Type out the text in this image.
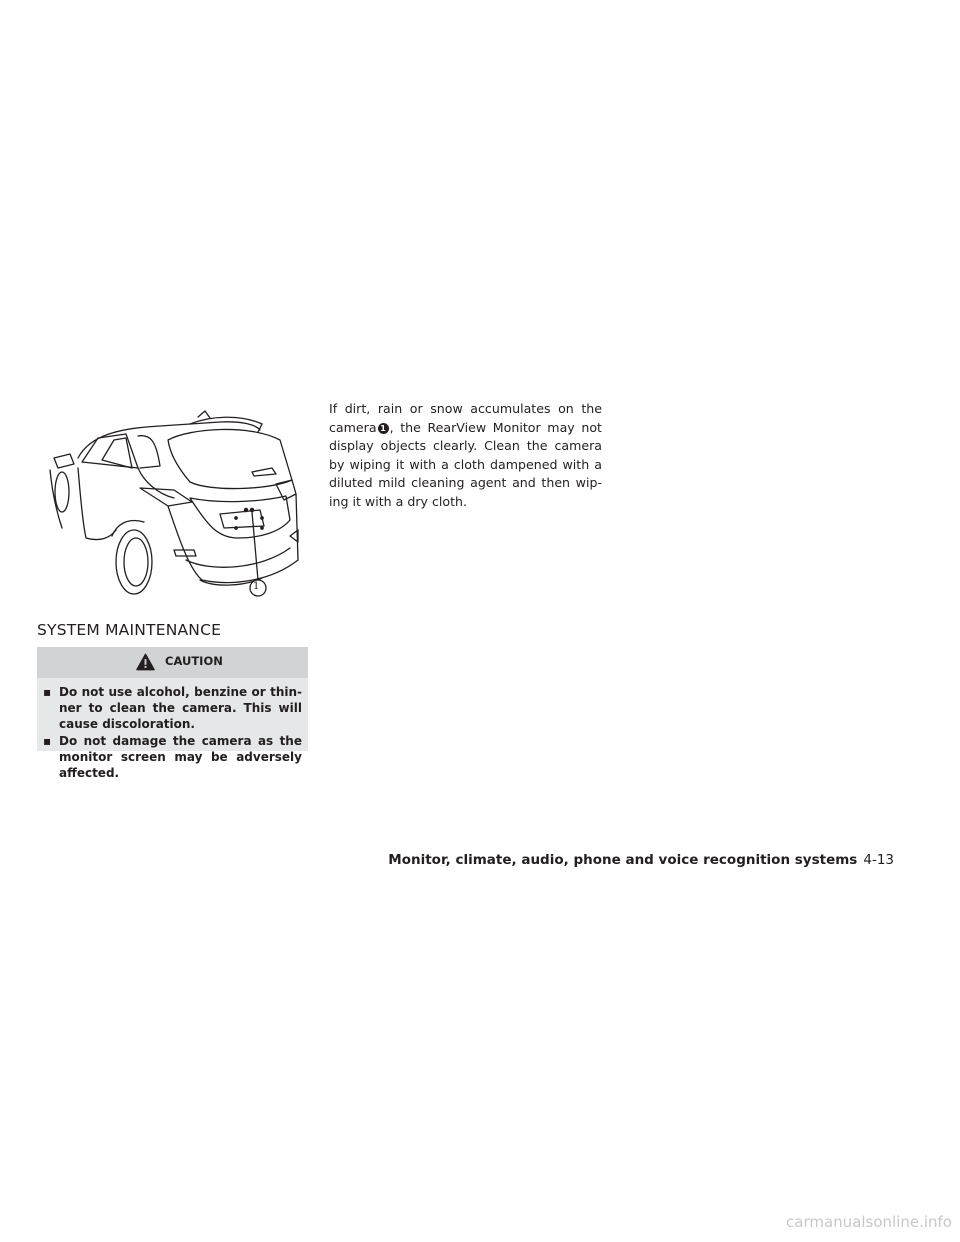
1
SYSTEM MAINTENANCE
CAUTION
▪ Do not use alcohol, benzine or thin- ner to clean the camera. This will cause discoloration.
▪ Do not damage the camera as the monitor screen may be adversely affected.

If dirt, rain or snow accumulates on the camera 1 , the RearView Monitor may not display objects clearly. Clean the camera by wiping it with a cloth dampened with a diluted mild cleaning agent and then wip- ing it with a dry cloth.

Monitor, climate, audio, phone and voice recognition systems 4-13
carmanualsonline.info
